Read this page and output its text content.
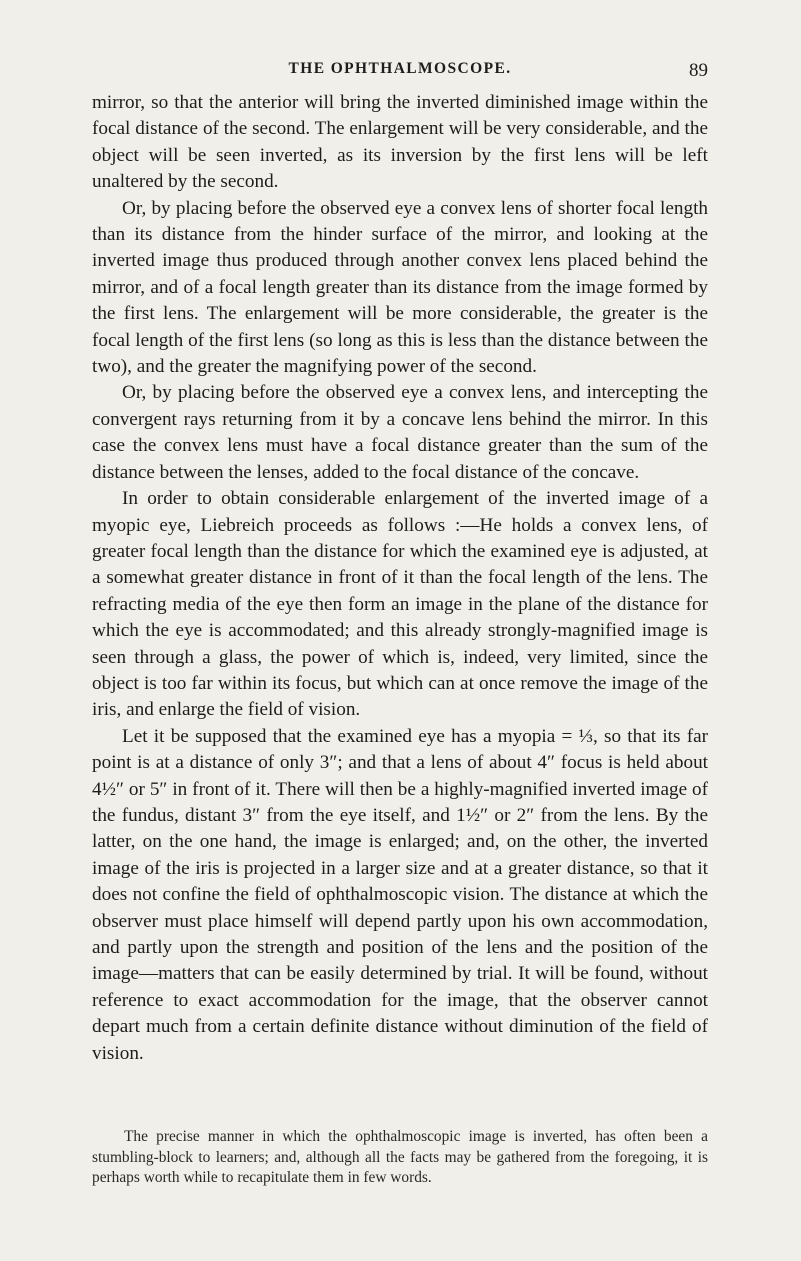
THE OPHTHALMOSCOPE.	89

mirror, so that the anterior will bring the inverted diminished image within the focal distance of the second. The enlargement will be very considerable, and the object will be seen inverted, as its inversion by the first lens will be left unaltered by the second.

Or, by placing before the observed eye a convex lens of shorter focal length than its distance from the hinder surface of the mirror, and looking at the inverted image thus produced through another convex lens placed behind the mirror, and of a focal length greater than its distance from the image formed by the first lens. The enlargement will be more considerable, the greater is the focal length of the first lens (so long as this is less than the distance between the two), and the greater the magnifying power of the second.

Or, by placing before the observed eye a convex lens, and intercepting the convergent rays returning from it by a concave lens behind the mirror. In this case the convex lens must have a focal distance greater than the sum of the distance between the lenses, added to the focal distance of the concave.

In order to obtain considerable enlargement of the inverted image of a myopic eye, Liebreich proceeds as follows :—He holds a convex lens, of greater focal length than the distance for which the examined eye is adjusted, at a somewhat greater distance in front of it than the focal length of the lens. The refracting media of the eye then form an image in the plane of the distance for which the eye is accommodated; and this already strongly-magnified image is seen through a glass, the power of which is, indeed, very limited, since the object is too far within its focus, but which can at once remove the image of the iris, and enlarge the field of vision.

Let it be supposed that the examined eye has a myopia = ⅓, so that its far point is at a distance of only 3″; and that a lens of about 4″ focus is held about 4½″ or 5″ in front of it. There will then be a highly-magnified inverted image of the fundus, distant 3″ from the eye itself, and 1½″ or 2″ from the lens. By the latter, on the one hand, the image is enlarged; and, on the other, the inverted image of the iris is projected in a larger size and at a greater distance, so that it does not confine the field of ophthalmoscopic vision. The distance at which the observer must place himself will depend partly upon his own accommodation, and partly upon the strength and position of the lens and the position of the image—matters that can be easily determined by trial. It will be found, without reference to exact accommodation for the image, that the observer cannot depart much from a certain definite distance without diminution of the field of vision.

The precise manner in which the ophthalmoscopic image is inverted, has often been a stumbling-block to learners; and, although all the facts may be gathered from the foregoing, it is perhaps worth while to recapitulate them in few words.
